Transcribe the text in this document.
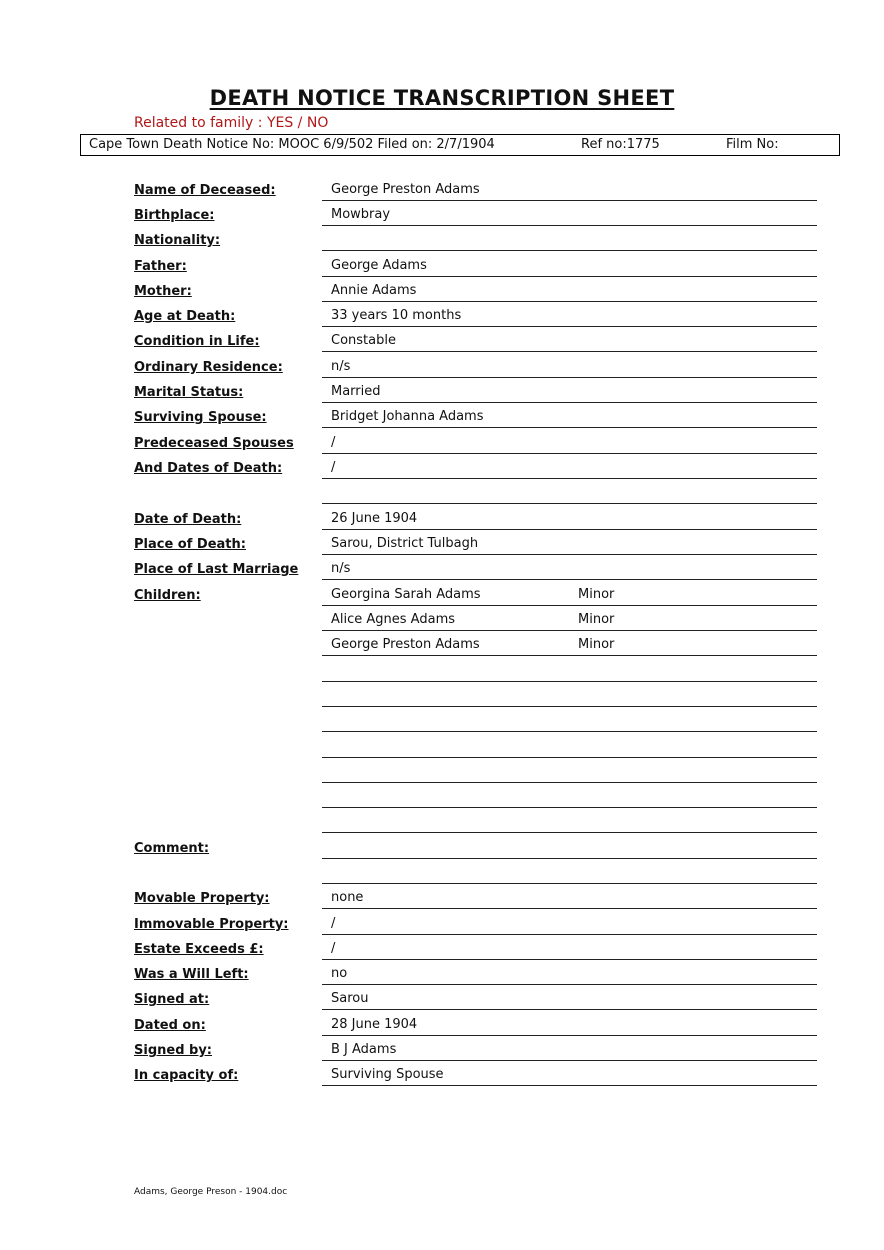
DEATH NOTICE TRANSCRIPTION SHEET
Related to family : YES / NO
Cape Town Death Notice No: MOOC 6/9/502 Filed on: 2/7/1904	Ref no:1775	Film No:
Name of Deceased:	George Preston Adams
Birthplace:	Mowbray
Nationality:
Father:	George Adams
Mother:	Annie Adams
Age at Death:	33 years 10 months
Condition in Life:	Constable
Ordinary Residence:	n/s
Marital Status:	Married
Surviving Spouse:	Bridget Johanna Adams
Predeceased Spouses	/
And Dates of Death:	/
Date of Death:	26 June 1904
Place of Death:	Sarou, District Tulbagh
Place of Last Marriage	n/s
Children:	Georgina Sarah Adams	Minor
Alice Agnes Adams	Minor
George Preston Adams	Minor
Comment:
Movable Property:	none
Immovable Property:	/
Estate Exceeds £:	/
Was a Will Left:	no
Signed at:	Sarou
Dated on:	28 June 1904
Signed by:	B J Adams
In capacity of:	Surviving Spouse
Adams, George Preson - 1904.doc
